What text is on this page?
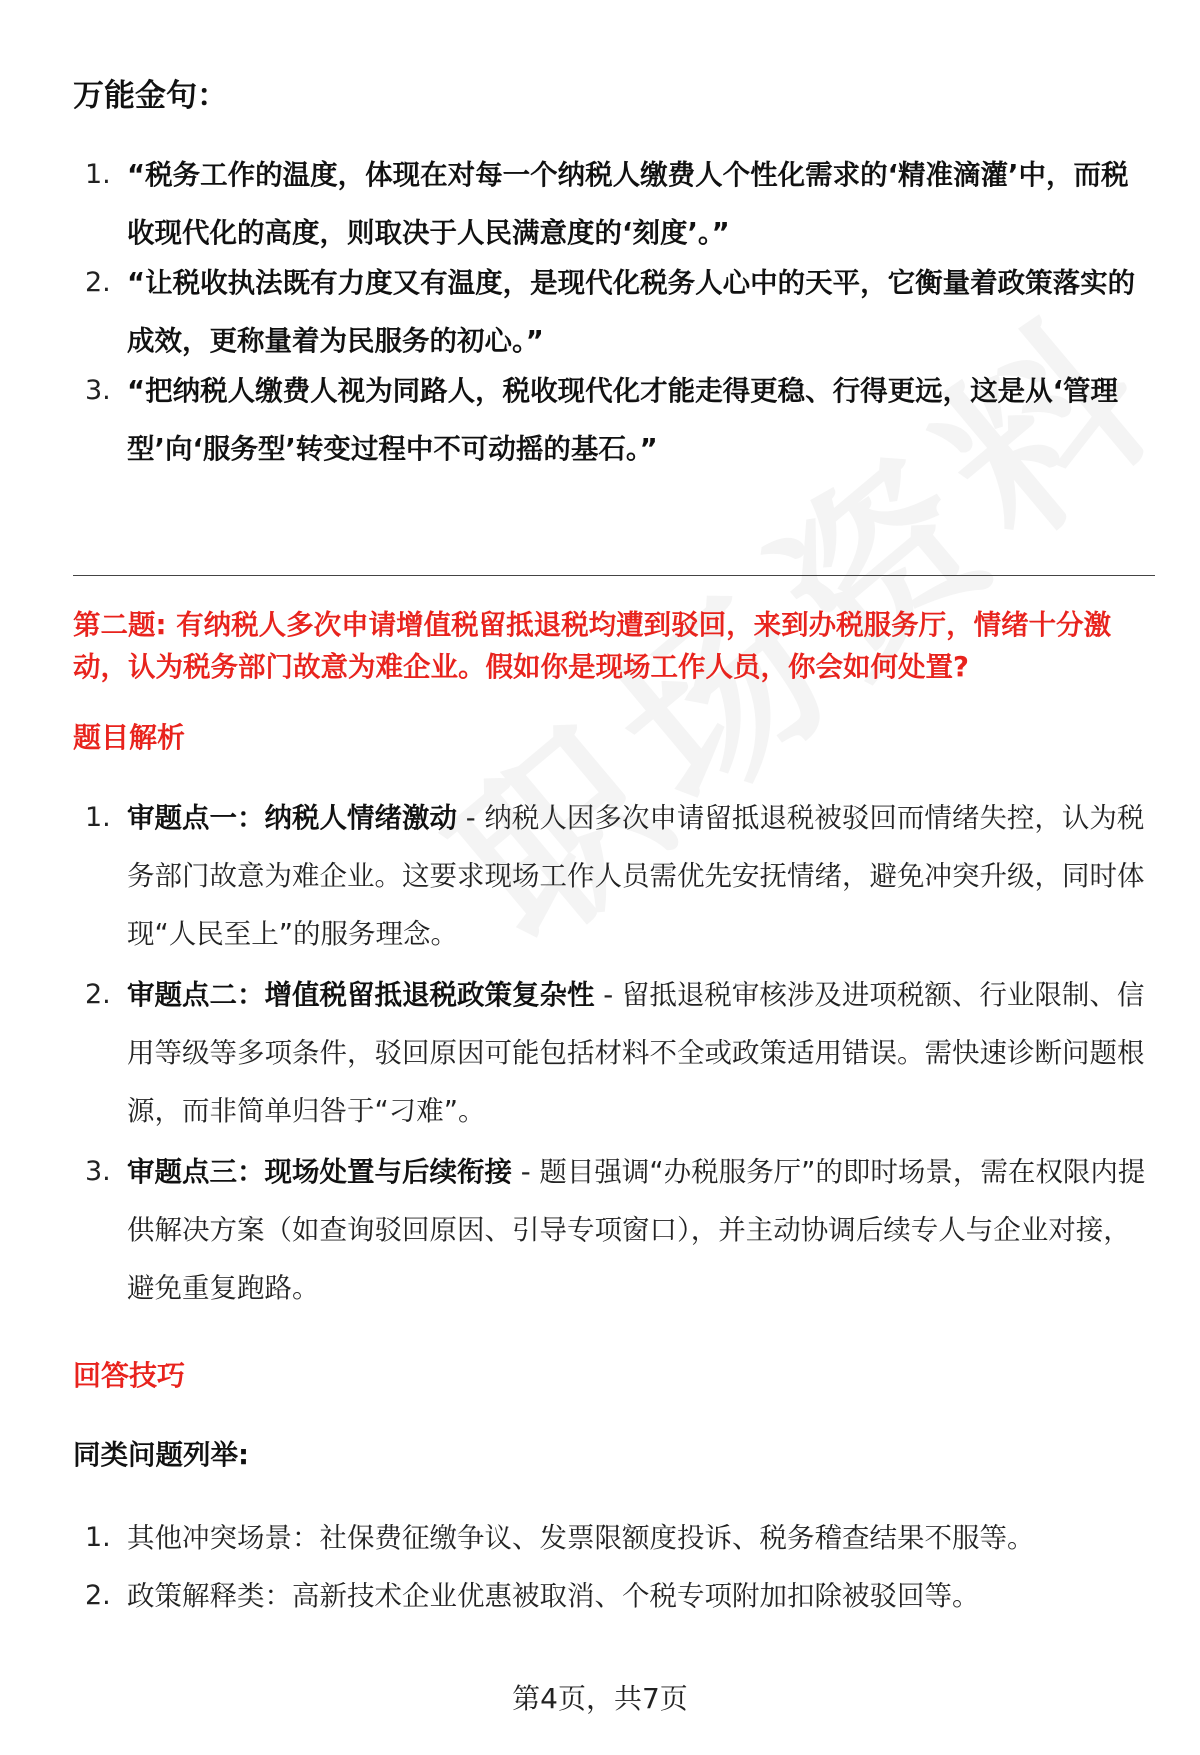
万能金句：
1. “税务工作的温度，体现在对每一个纳税人缴费人个性化需求的‘精准滴灌’中，而税收现代化的高度，则取决于人民满意度的‘刻度’。”
2. “让税收执法既有力度又有温度，是现代化税务人心中的天平，它衡量着政策落实的成效，更称量着为民服务的初心。”
3. “把纳税人缴费人视为同路人，税收现代化才能走得更稳、行得更远，这是从‘管理型’向‘服务型’转变过程中不可动摇的基石。”
第二题: 有纳税人多次申请增值税留抵退税均遭到驳回，来到办税服务厅，情绪十分激动，认为税务部门故意为难企业。假如你是现场工作人员，你会如何处置?
题目解析
1. 审题点一：纳税人情绪激动 - 纳税人因多次申请留抵退税被驳回而情绪失控，认为税务部门故意为难企业。这要求现场工作人员需优先安抚情绪，避免冲突升级，同时体现“人民至上”的服务理念。
2. 审题点二：增值税留抵退税政策复杂性 - 留抵退税审核涉及进项税额、行业限制、信用等级等多项条件，驳回原因可能包括材料不全或政策适用错误。需快速诊断问题根源，而非简单归咎于“刁难”。
3. 审题点三：现场处置与后续衔接 - 题目强调“办税服务厅”的即时场景，需在权限内提供解决方案（如查询驳回原因、引导专项窗口），并主动协调后续专人与企业对接，避免重复跑路。
回答技巧
同类问题列举:
1. 其他冲突场景：社保费征缴争议、发票限额度投诉、税务稽查结果不服等。
2. 政策解释类：高新技术企业优惠被取消、个税专项附加扣除被驳回等。
第4页，共7页
